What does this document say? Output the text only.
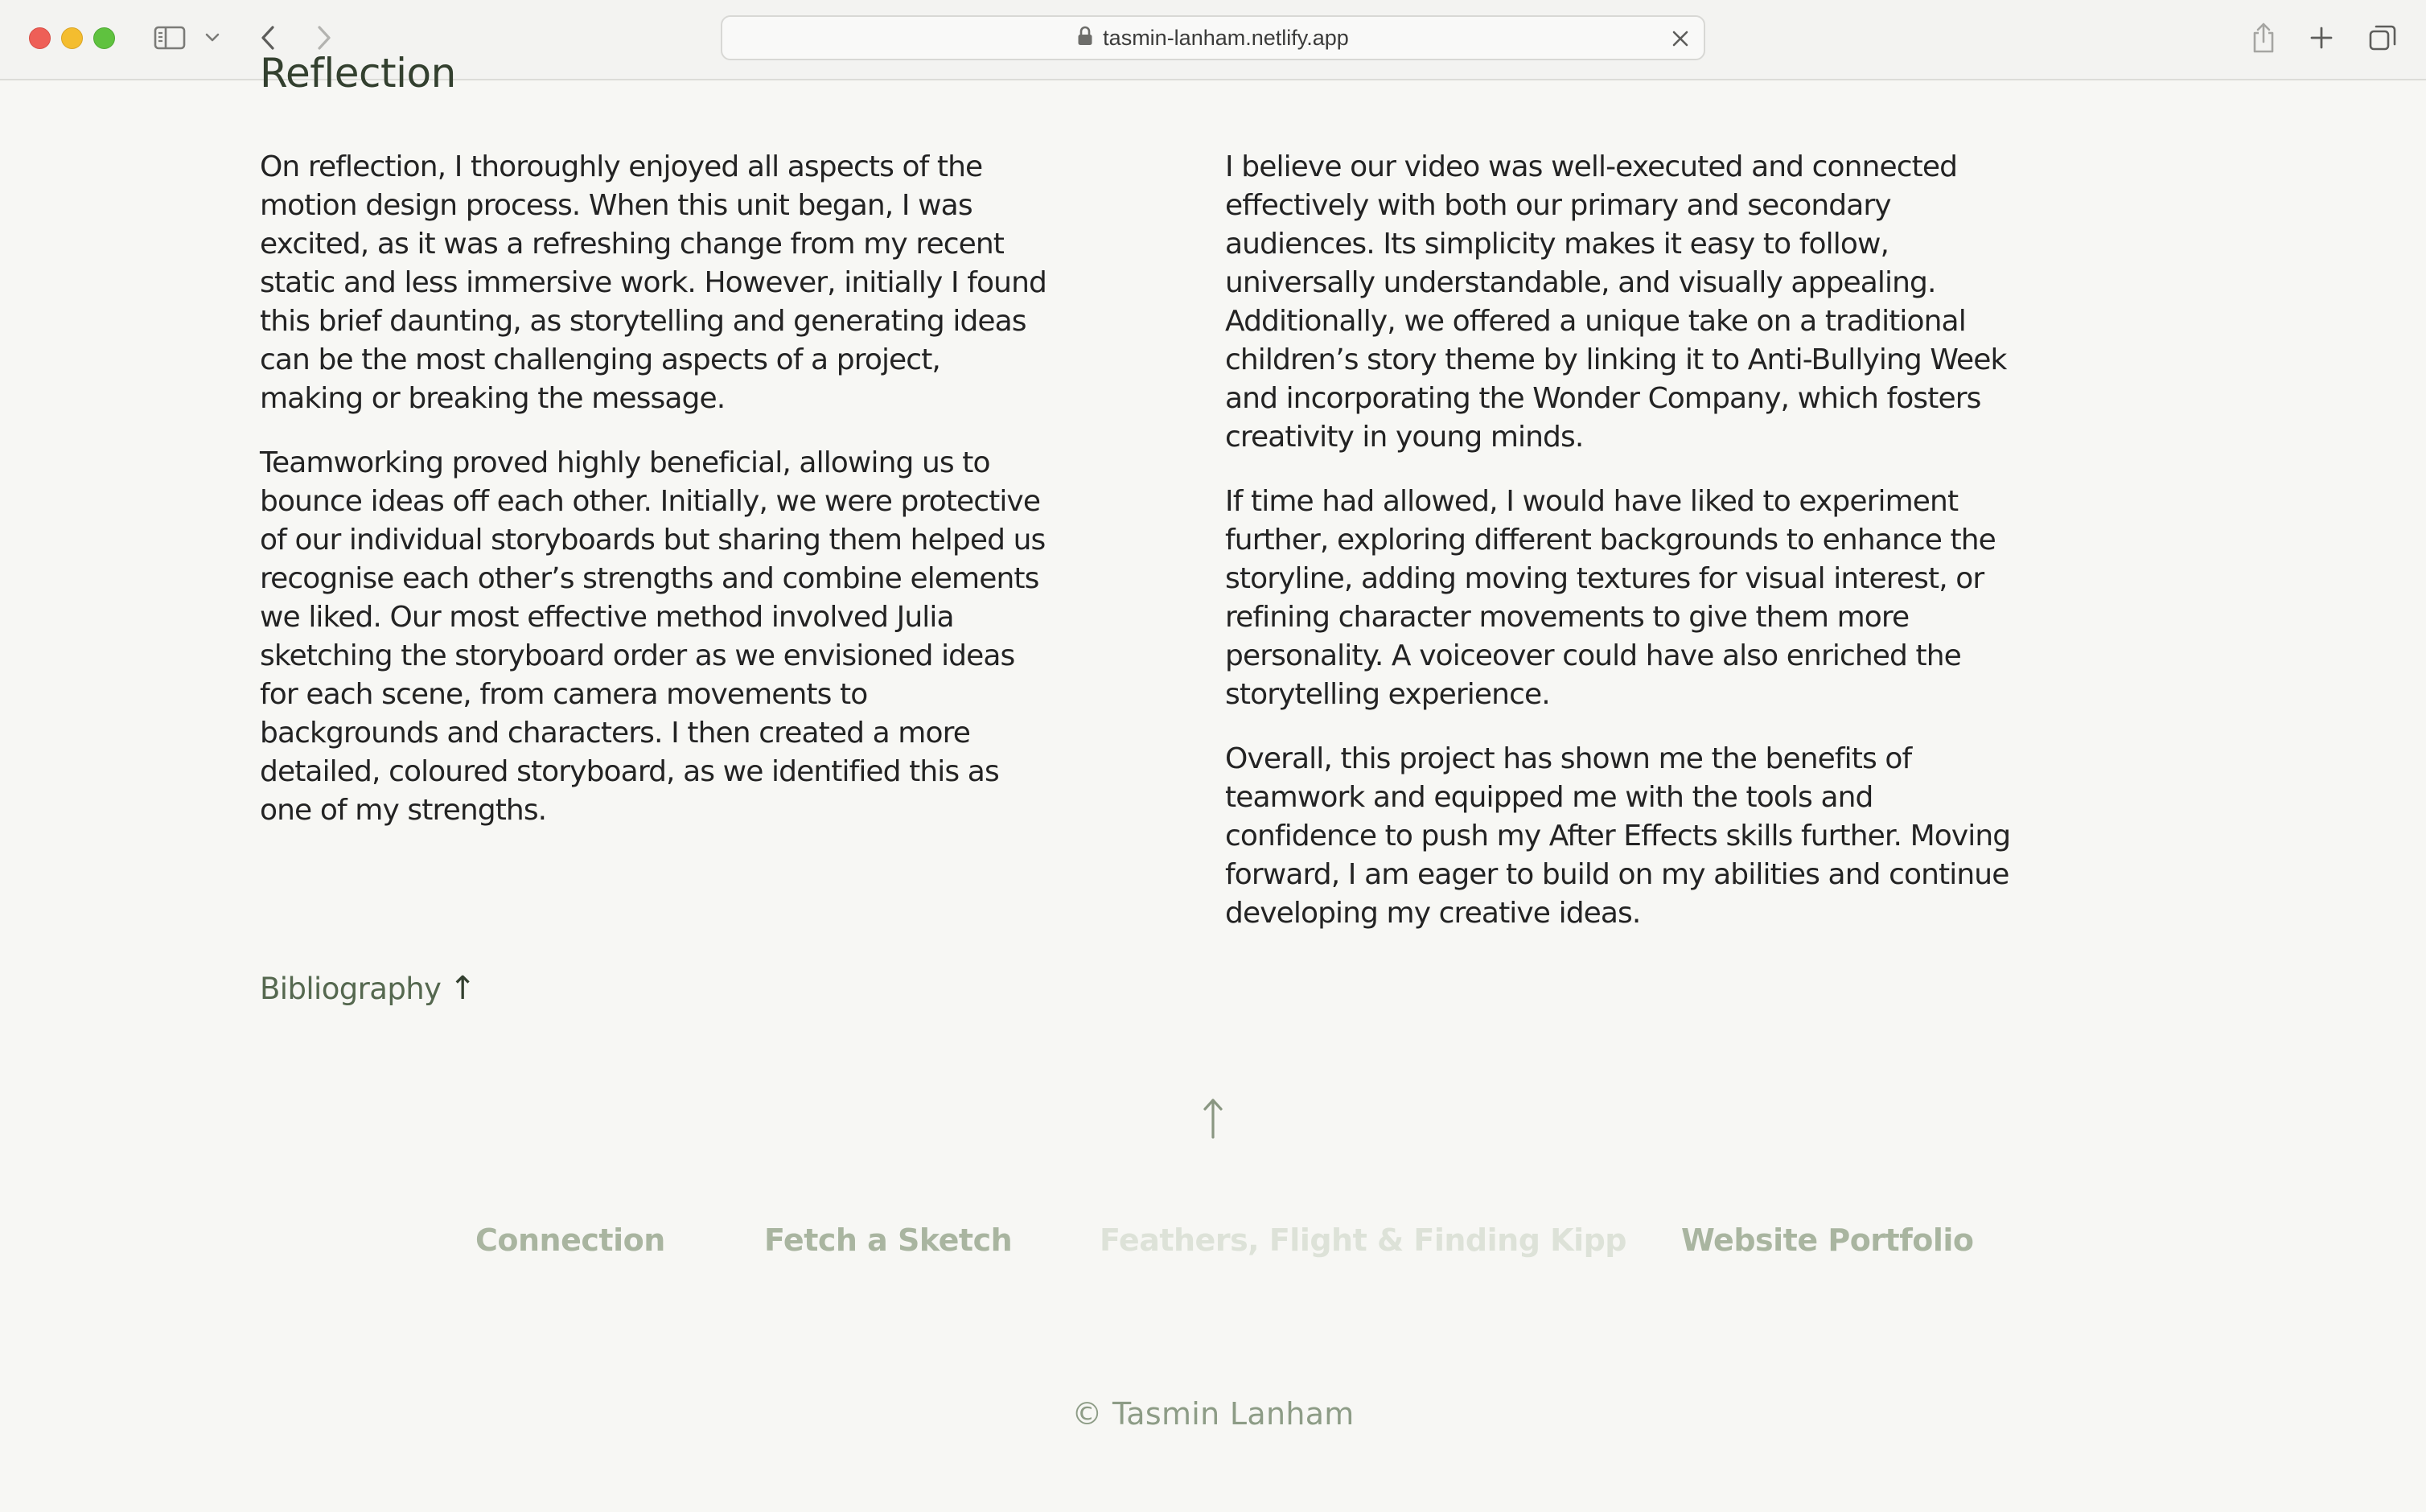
tasmin-lanham.netlify.app
Reflection

On reflection, I thoroughly enjoyed all aspects of the motion design process. When this unit began, I was excited, as it was a refreshing change from my recent static and less immersive work. However, initially I found this brief daunting, as storytelling and generating ideas can be the most challenging aspects of a project, making or breaking the message.

Teamworking proved highly beneficial, allowing us to bounce ideas off each other. Initially, we were protective of our individual storyboards but sharing them helped us recognise each other’s strengths and combine elements we liked. Our most effective method involved Julia sketching the storyboard order as we envisioned ideas for each scene, from camera movements to backgrounds and characters. I then created a more detailed, coloured storyboard, as we identified this as one of my strengths.

I believe our video was well-executed and connected effectively with both our primary and secondary audiences. Its simplicity makes it easy to follow, universally understandable, and visually appealing. Additionally, we offered a unique take on a traditional children’s story theme by linking it to Anti-Bullying Week and incorporating the Wonder Company, which fosters creativity in young minds.

If time had allowed, I would have liked to experiment further, exploring different backgrounds to enhance the storyline, adding moving textures for visual interest, or refining character movements to give them more personality. A voiceover could have also enriched the storytelling experience.

Overall, this project has shown me the benefits of teamwork and equipped me with the tools and confidence to push my After Effects skills further. Moving forward, I am eager to build on my abilities and continue developing my creative ideas.

Bibliography ↑
Connection	Fetch a Sketch	Feathers, Flight & Finding Kipp Website Portfolio
© Tasmin Lanham
